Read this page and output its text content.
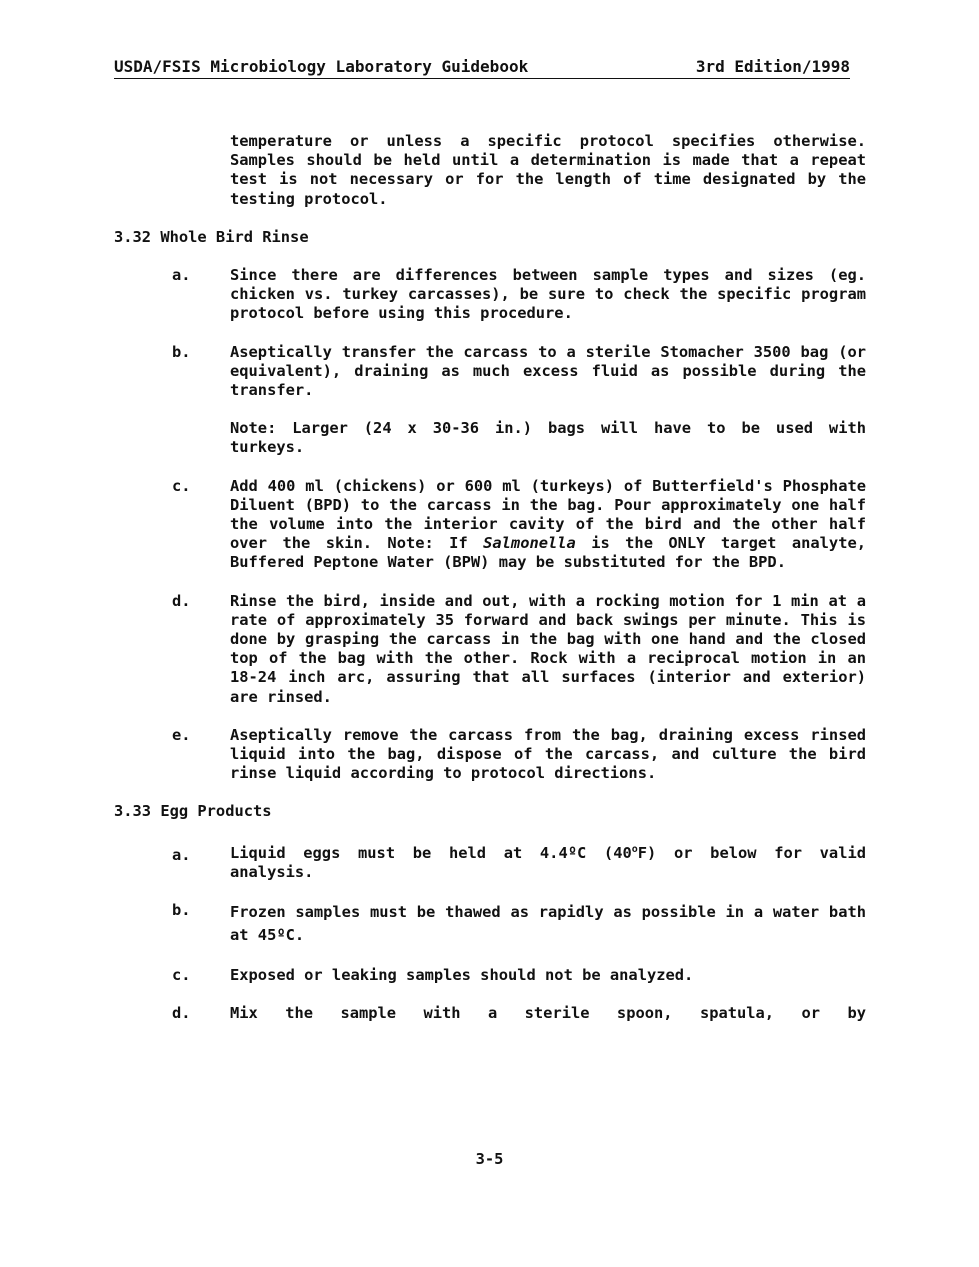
USDA/FSIS Microbiology Laboratory Guidebook	3rd Edition/1998
temperature or unless a specific protocol specifies otherwise. Samples should be held until a determination is made that a repeat test is not necessary or for the length of time designated by the testing protocol.
3.32 Whole Bird Rinse
a.	Since there are differences between sample types and sizes (eg. chicken vs. turkey carcasses), be sure to check the specific program protocol before using this procedure.
b.	Aseptically transfer the carcass to a sterile Stomacher 3500 bag (or equivalent), draining as much excess fluid as possible during the transfer.
Note: Larger (24 x 30-36 in.) bags will have to be used with turkeys.
c.	Add 400 ml (chickens) or 600 ml (turkeys) of Butterfield's Phosphate Diluent (BPD) to the carcass in the bag. Pour approximately one half the volume into the interior cavity of the bird and the other half over the skin. Note: If Salmonella is the ONLY target analyte, Buffered Peptone Water (BPW) may be substituted for the BPD.
d.	Rinse the bird, inside and out, with a rocking motion for 1 min at a rate of approximately 35 forward and back swings per minute. This is done by grasping the carcass in the bag with one hand and the closed top of the bag with the other. Rock with a reciprocal motion in an 18-24 inch arc, assuring that all surfaces (interior and exterior) are rinsed.
e.	Aseptically remove the carcass from the bag, draining excess rinsed liquid into the bag, dispose of the carcass, and culture the bird rinse liquid according to protocol directions.
3.33 Egg Products
a.	Liquid eggs must be held at 4.4ºC (40$^o$F) or below for valid analysis.
b.	Frozen samples must be thawed as rapidly as possible in a water bath at 45ºC.
c.	Exposed or leaking samples should not be analyzed.
d.	Mix the sample with a sterile spoon, spatula, or by
3-5
